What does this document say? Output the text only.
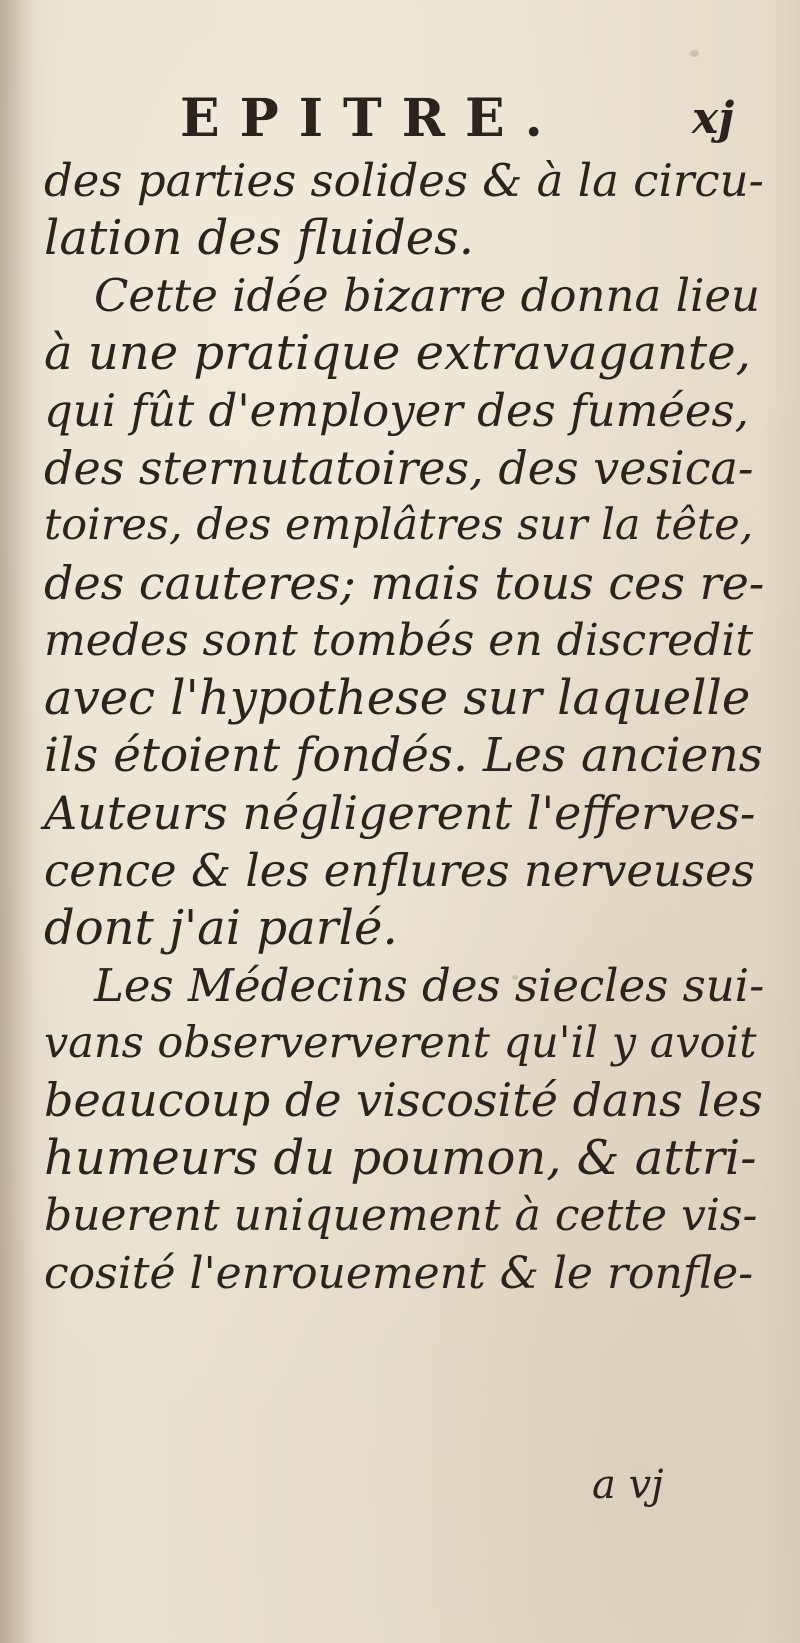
EPITRE.	xj
des parties solides & à la circu-
lation des fluides.
Cette idée bizarre donna lieu
à une pratique extravagante,
qui fût d'employer des fumées,
des sternutatoires, des vesica-
toires, des emplâtres sur la tête,
des cauteres; mais tous ces re-
medes sont tombés en discredit
avec l'hypothese sur laquelle
ils étoient fondés. Les anciens
Auteurs négligerent l'efferves-
cence & les enflures nerveuses
dont j'ai parlé.
Les Médecins des siecles sui-
vans obserververent qu'il y avoit
beaucoup de viscosité dans les
humeurs du poumon, & attri-
buerent uniquement à cette vis-
cosité l'enrouement & le ronfle-
a vj
